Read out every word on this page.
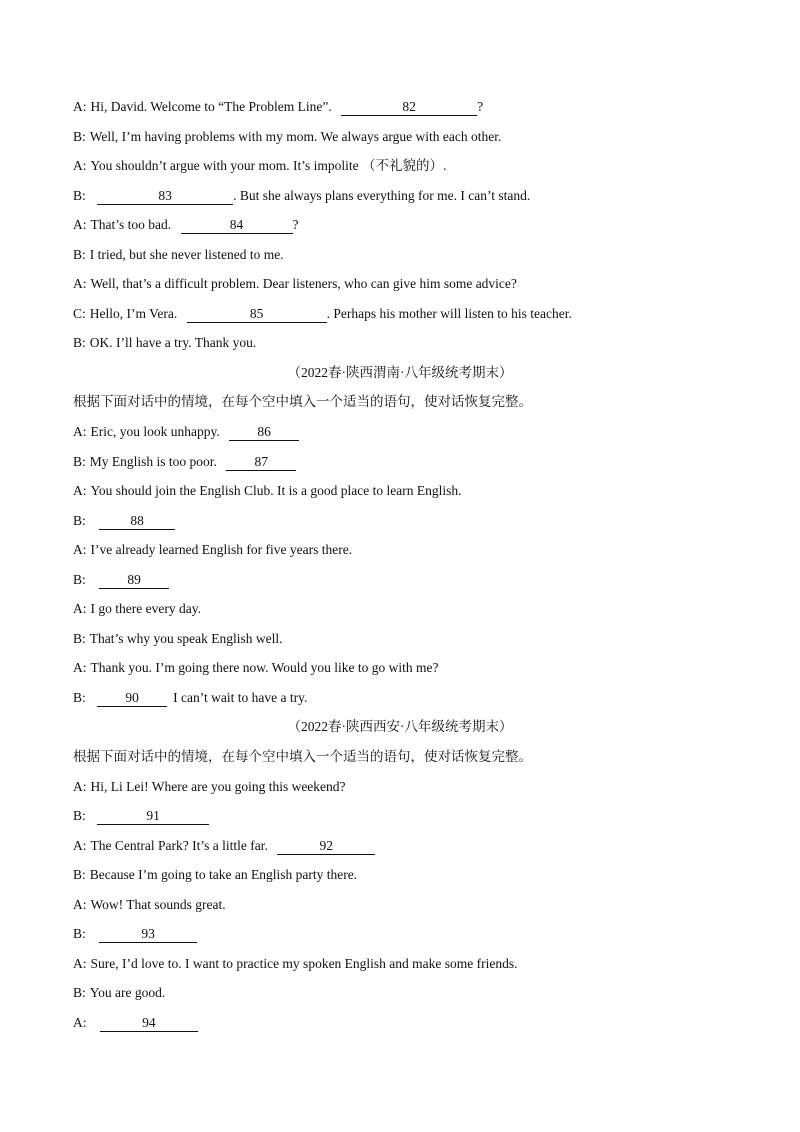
A: Hi, David. Welcome to “The Problem Line”.	82	?
B: Well, I’m having problems with my mom. We always argue with each other.
A: You shouldn’t argue with your mom. It’s impolite （不礼貌的）.
B:	83	. But she always plans everything for me. I can’t stand.
A: That’s too bad.	84	?
B: I tried, but she never listened to me.
A: Well, that’s a difficult problem. Dear listeners, who can give him some advice?
C: Hello, I’m Vera.	85	. Perhaps his mother will listen to his teacher.
B: OK. I’ll have a try. Thank you.
（2022春·陕西渭南·八年级统考期末）
根据下面对话中的情境，在每个空中填入一个适当的语句，使对话恢复完整。
A: Eric, you look unhappy.	86
B: My English is too poor.	87
A: You should join the English Club. It is a good place to learn English.
B:	88
A: I’ve already learned English for five years there.
B:	89
A: I go there every day.
B: That’s why you speak English well.
A: Thank you. I’m going there now. Would you like to go with me?
B:	90	I can’t wait to have a try.
（2022春·陕西西安·八年级统考期末）
根据下面对话中的情境，在每个空中填入一个适当的语句，使对话恢复完整。
A: Hi, Li Lei! Where are you going this weekend?
B:	91
A: The Central Park? It’s a little far.	92
B: Because I’m going to take an English party there.
A: Wow! That sounds great.
B:	93
A: Sure, I’d love to. I want to practice my spoken English and make some friends.
B: You are good.
A:	94
